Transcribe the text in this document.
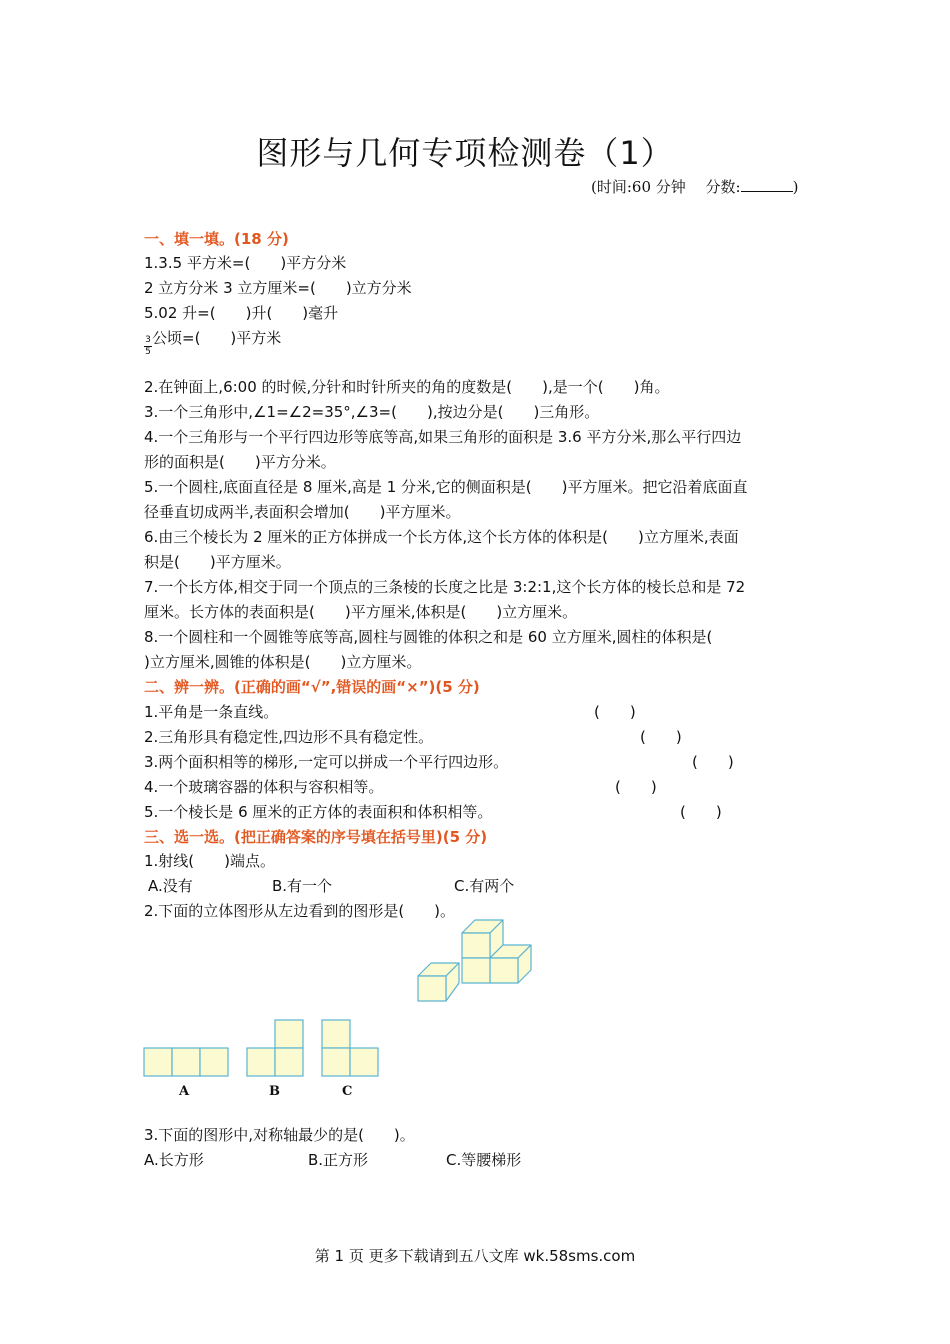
图形与几何专项检测卷（1）
(时间:60 分钟　 分数:	)
一、填一填。(18 分)
1.3.5 平方米=(　　)平方分米
2 立方分米 3 立方厘米=(　　)立方分米
5.02 升=(　　)升(　　)毫升
3
5
公顷=(　　)平方米
2.在钟面上,6:00 的时候,分针和时针所夹的角的度数是(　　),是一个(　　)角。
3.一个三角形中,∠1=∠2=35°,∠3=(　　),按边分是(　　)三角形。
4.一个三角形与一个平行四边形等底等高,如果三角形的面积是 3.6 平方分米,那么平行四边
形的面积是(　　)平方分米。
5.一个圆柱,底面直径是 8 厘米,高是 1 分米,它的侧面积是(　　)平方厘米。把它沿着底面直
径垂直切成两半,表面积会增加(　　)平方厘米。
6.由三个棱长为 2 厘米的正方体拼成一个长方体,这个长方体的体积是(　　)立方厘米,表面
积是(　　)平方厘米。
7.一个长方体,相交于同一个顶点的三条棱的长度之比是 3:2:1,这个长方体的棱长总和是 72
厘米。长方体的表面积是(　　)平方厘米,体积是(　　)立方厘米。
8.一个圆柱和一个圆锥等底等高,圆柱与圆锥的体积之和是 60 立方厘米,圆柱的体积是(
)立方厘米,圆锥的体积是(　　)立方厘米。
二、辨一辨。(正确的画“√”,错误的画“×”)(5 分)
1.平角是一条直线。	(　　)
2.三角形具有稳定性,四边形不具有稳定性。	(　　)
3.两个面积相等的梯形,一定可以拼成一个平行四边形。	(　　)
4.一个玻璃容器的体积与容积相等。	(　　)
5.一个棱长是 6 厘米的正方体的表面积和体积相等。	(　　)
三、选一选。(把正确答案的序号填在括号里)(5 分)
1.射线(　　)端点。
A.没有	B.有一个	C.有两个
2.下面的立体图形从左边看到的图形是(　　)。
A	B	C
3.下面的图形中,对称轴最少的是(　　)。
A.长方形	B.正方形	C.等腰梯形
第 1 页 更多下载请到五八文库 wk.58sms.com
